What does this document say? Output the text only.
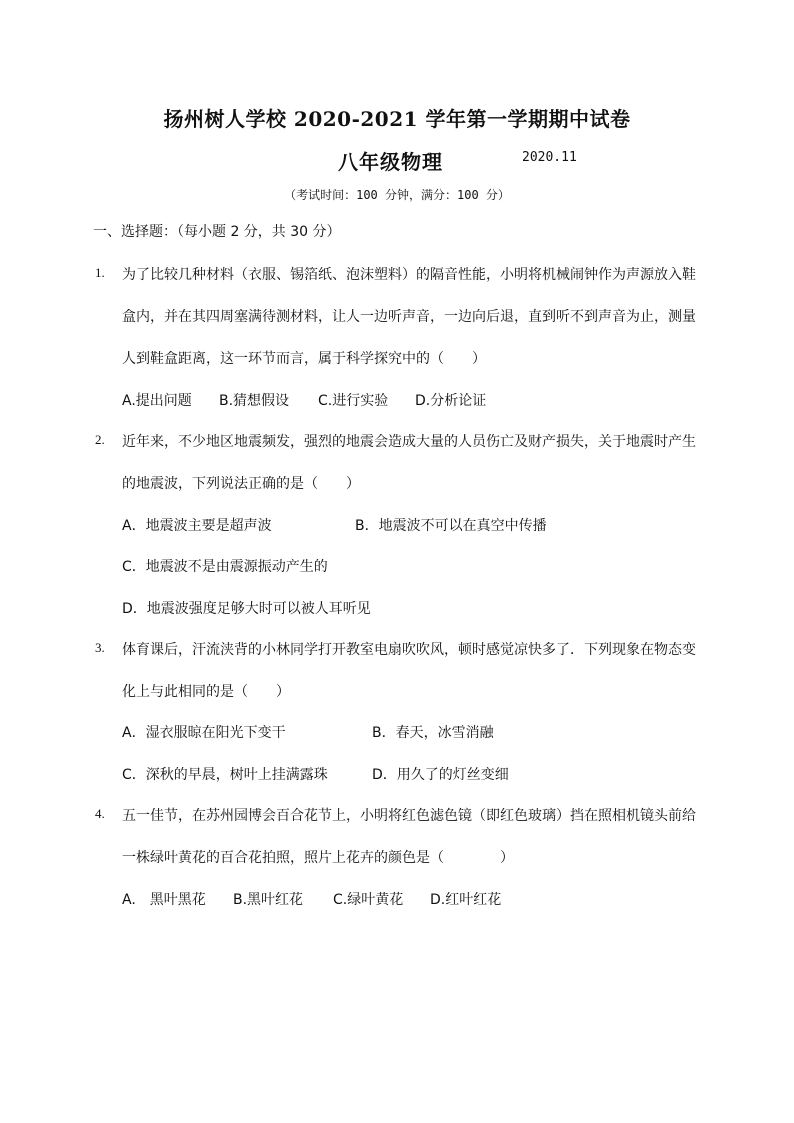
扬州树人学校 2020-2021 学年第一学期期中试卷
八年级物理	2020.11
（考试时间：100 分钟，满分：100 分）
一、选择题：（每小题 2 分，共 30 分）
1. 为了比较几种材料（衣服、锡箔纸、泡沫塑料）的隔音性能，小明将机械闹钟作为声源放入鞋
盒内，并在其四周塞满待测材料，让人一边听声音，一边向后退，直到听不到声音为止，测量
人到鞋盒距离，这一环节而言，属于科学探究中的（　　）
A.提出问题 B.猜想假设 C.进行实验 D.分析论证
2. 近年来，不少地区地震频发，强烈的地震会造成大量的人员伤亡及财产损失，关于地震时产生
的地震波，下列说法正确的是（　　）
A．地震波主要是超声波	B．地震波不可以在真空中传播
C．地震波不是由震源振动产生的
D．地震波强度足够大时可以被人耳听见
3. 体育课后，汗流浃背的小林同学打开教室电扇吹吹风，顿时感觉凉快多了．下列现象在物态变
化上与此相同的是（　　）
A．湿衣服晾在阳光下变干	B．春天，冰雪消融
C．深秋的早晨，树叶上挂满露珠	D．用久了的灯丝变细
4. 五一佳节，在苏州园博会百合花节上，小明将红色滤色镜（即红色玻璃）挡在照相机镜头前给
一株绿叶黄花的百合花拍照，照片上花卉的颜色是（　　　　）
A.　黑叶黑花 B.黑叶红花 C.绿叶黄花 D.红叶红花
